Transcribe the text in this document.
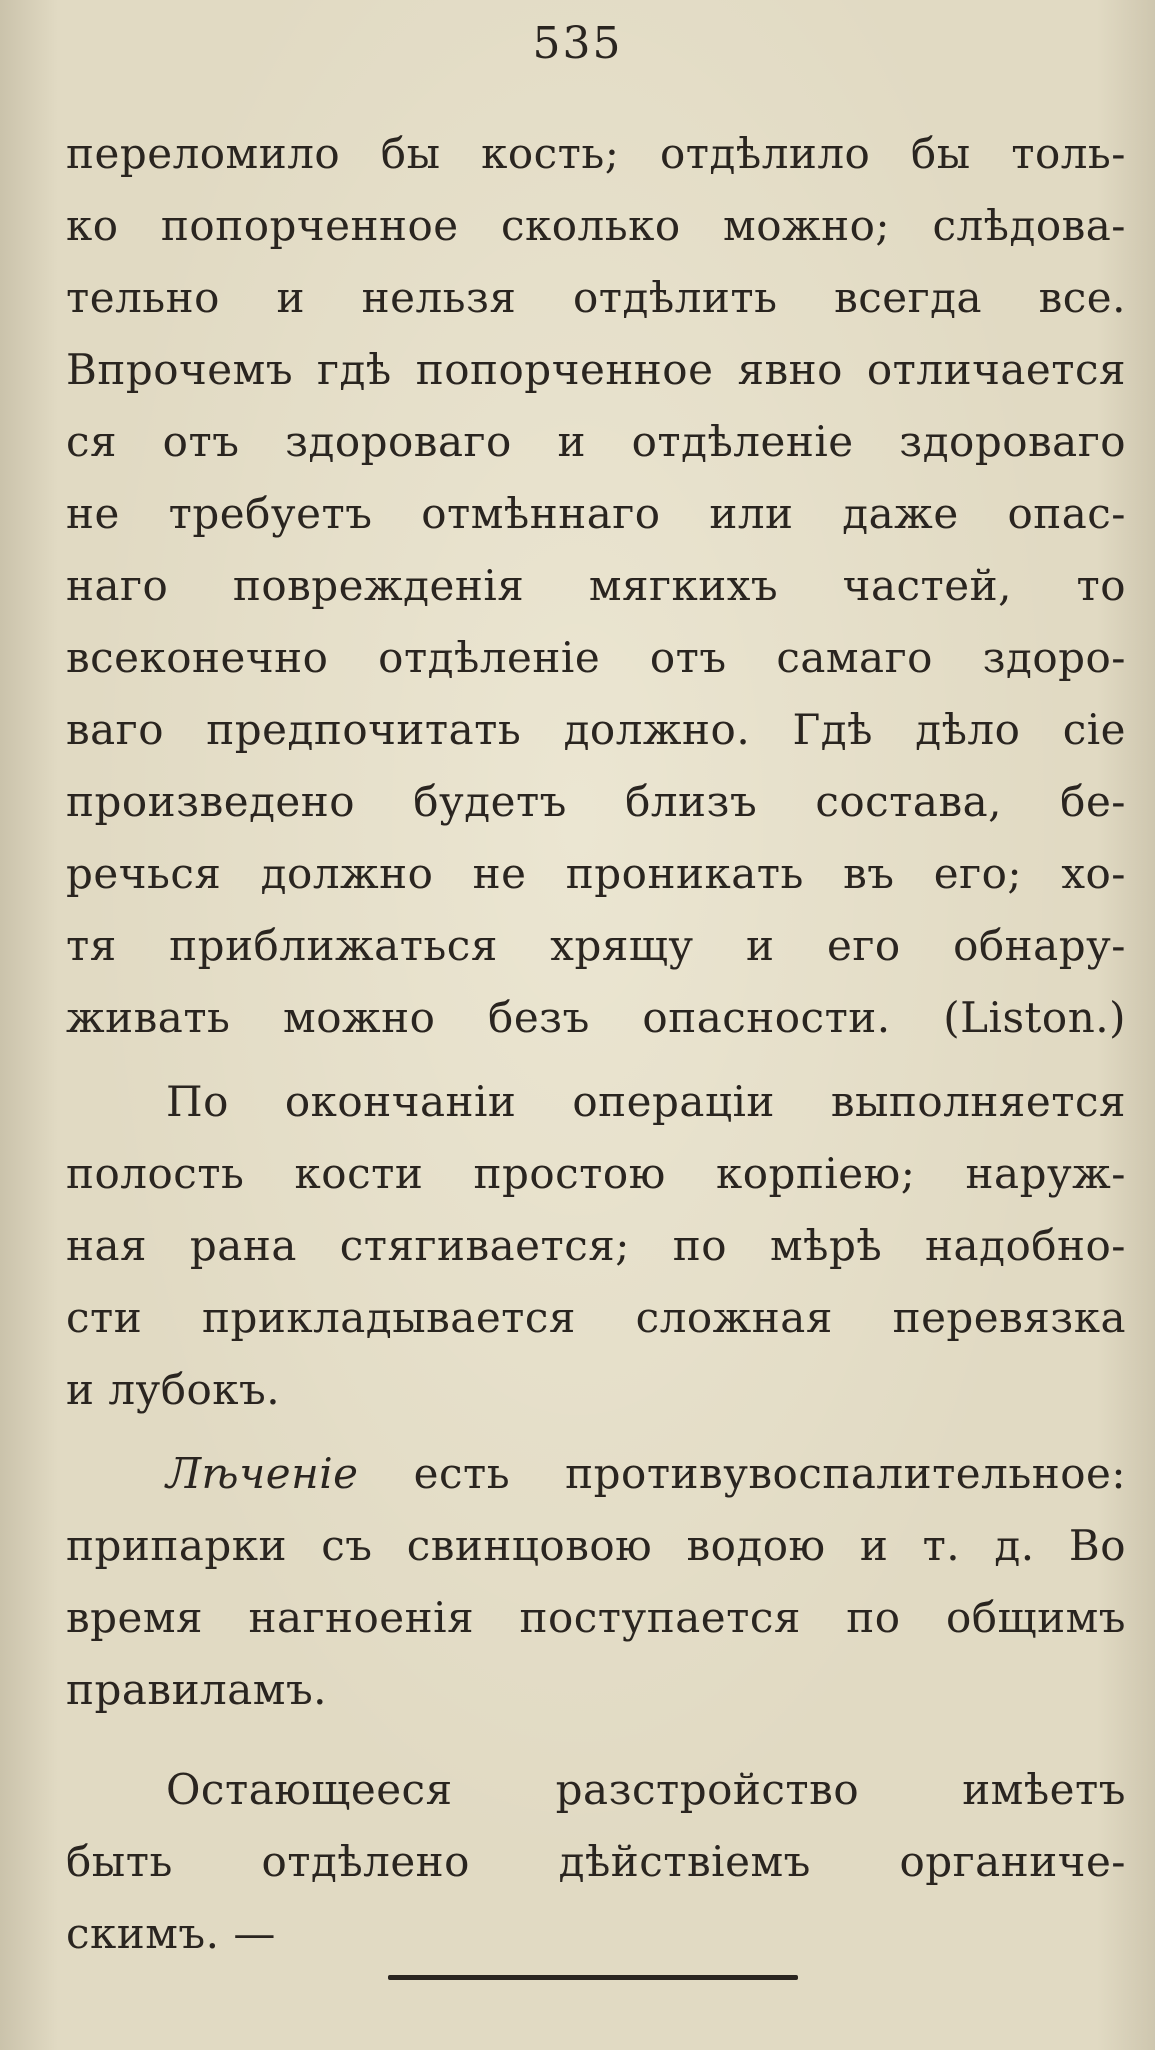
535
переломило бы кость; отдѣлило бы толь-
ко попорченное сколько можно; слѣдова-
тельно и нельзя отдѣлить всегда все.
Впрочемъ гдѣ попорченное явно отличается
ся отъ здороваго и отдѣленіе здороваго
не требуетъ отмѣннаго или даже опас-
наго поврежденія мягкихъ частей, то
всеконечно отдѣленіе отъ самаго здоро-
ваго предпочитать должно. Гдѣ дѣло сіе
произведено будетъ близъ состава, бе-
речься должно не проникать въ его; хо-
тя приближаться хрящу и его обнару-
живать можно безъ опасности. (Liston.)
По окончаніи операціи выполняется
полость кости простою корпіею; наруж-
ная рана стягивается; по мѣрѣ надобно-
сти прикладывается сложная перевязка
и лубокъ.
Лѣченіе есть противувоспалительное:
припарки съ свинцовою водою и т. д. Во
время нагноенія поступается по общимъ
правиламъ.
Остающееся разстройство имѣетъ
быть отдѣлено дѣйствіемъ органиче-
скимъ. —
